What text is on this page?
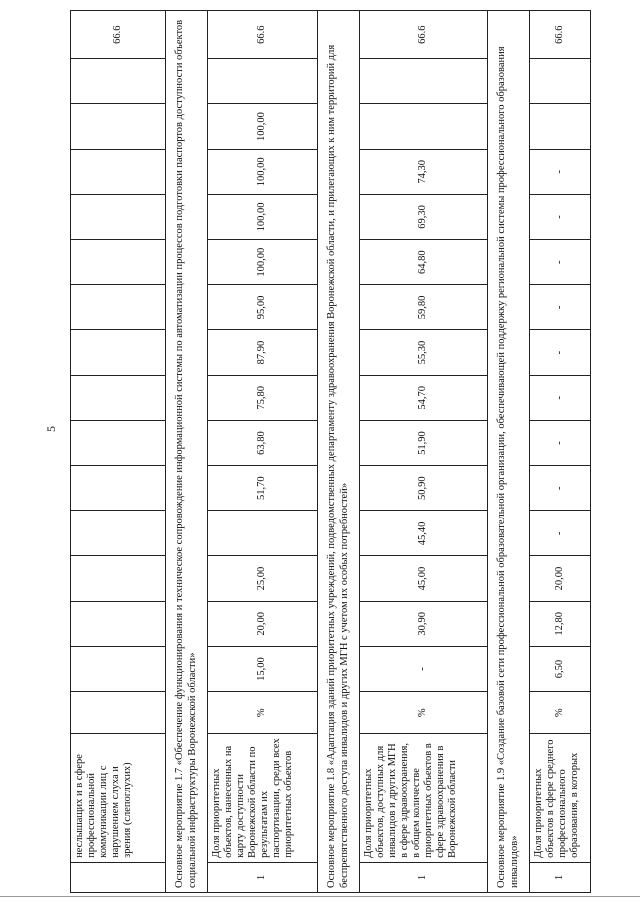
5
	неслышащих и в сфере профессиональной коммуникации лиц с нарушением слуха и зрения (слепоглухих)																66.6
Основное мероприятие 1.7 «Обеспечение функционирования и техническое сопровождение информационной системы по автоматизации процессов подготовки паспортов доступности объектов социальной инфраструктуры Воронежской области»																	
1	Доля приоритетных объектов, нанесенных на карту доступности Воронежской области по результатам их паспортизации, среди всех приоритетных объектов	%	15,00	20,00	25,00		51,70	63,80	75,80	87,90	95,00	100,00	100,00	100,00	100,00		66.6
Основное мероприятие 1.8 «Адаптация зданий приоритетных учреждений, подведомственных департаменту здравоохранения Воронежской области, и прилегающих к ним территорий для беспрепятственного доступа инвалидов и других МГН с учетом их особых потребностей»																	
1	Доля приоритетных объектов, доступных для инвалидов и других МГН в сфере здравоохранения, в общем количестве приоритетных объектов в сфере здравоохранения в Воронежской области	%	-	30,90	45,00	45,40	50,90	51,90	54,70	55,30	59,80	64,80	69,30	74,30			66.6
Основное мероприятие 1.9 «Создание базовой сети профессиональной образовательной организации, обеспечивающей поддержку региональной системы профессионального образования инвалидов»																	
1	Доля приоритетных объектов в сфере среднего профессионального образования, в которых	%	6,50	12,80	20,00	-	-	-	-	-	-	-	-	-			66.6
